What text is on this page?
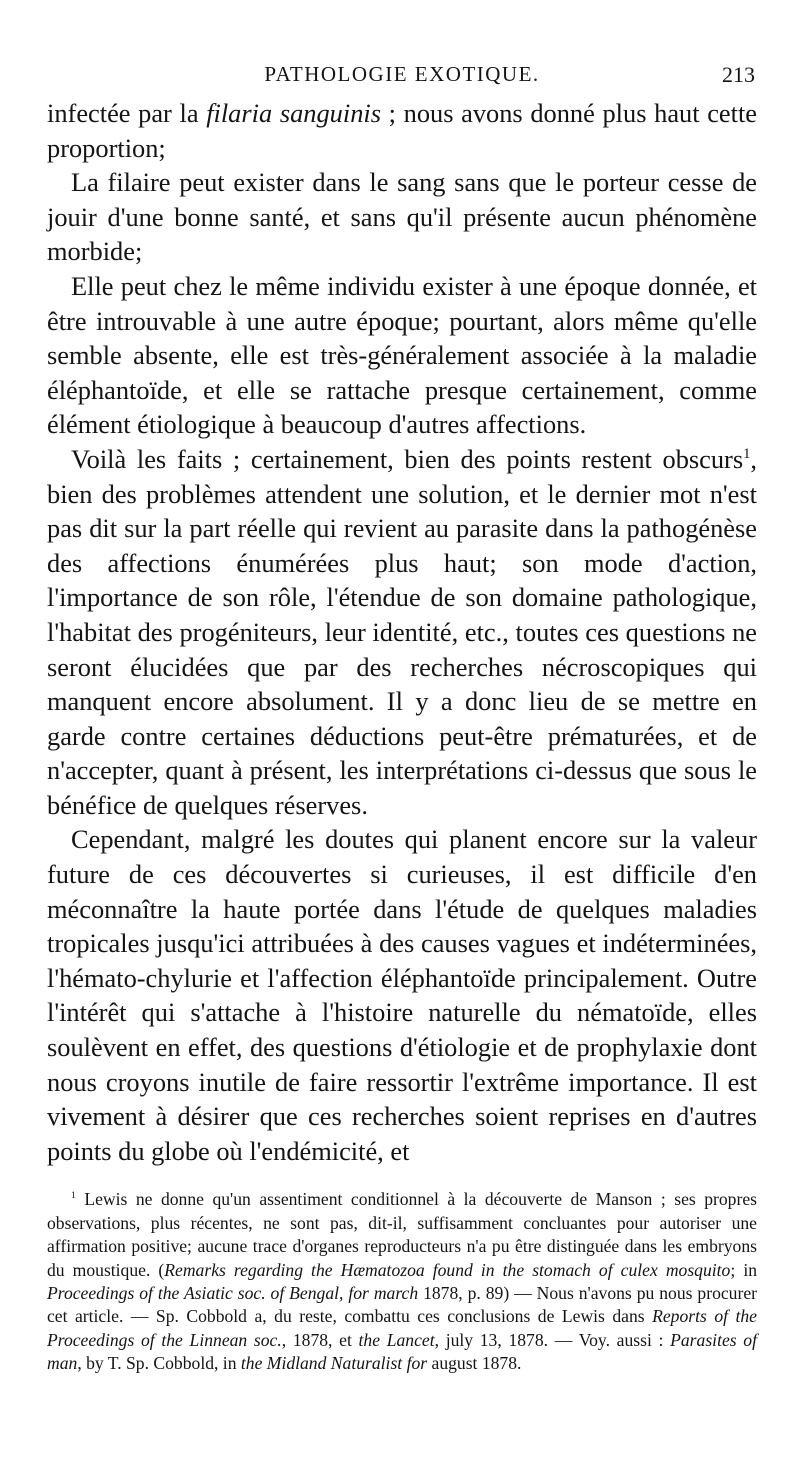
PATHOLOGIE EXOTIQUE.	213

infectée par la filaria sanguinis ; nous avons donné plus haut cette proportion;

La filaire peut exister dans le sang sans que le porteur cesse de jouir d'une bonne santé, et sans qu'il présente aucun phénomène morbide;

Elle peut chez le même individu exister à une époque donnée, et être introuvable à une autre époque; pourtant, alors même qu'elle semble absente, elle est très-généralement associée à la maladie éléphantoïde, et elle se rattache presque certainement, comme élément étiologique à beaucoup d'autres affections.

Voilà les faits ; certainement, bien des points restent obscurs$^1$, bien des problèmes attendent une solution, et le dernier mot n'est pas dit sur la part réelle qui revient au parasite dans la pathogénèse des affections énumérées plus haut; son mode d'action, l'importance de son rôle, l'étendue de son domaine pathologique, l'habitat des progéniteurs, leur identité, etc., toutes ces questions ne seront élucidées que par des recherches nécroscopiques qui manquent encore absolument. Il y a donc lieu de se mettre en garde contre certaines déductions peut-être prématurées, et de n'accepter, quant à présent, les interprétations ci-dessus que sous le bénéfice de quelques réserves.

Cependant, malgré les doutes qui planent encore sur la valeur future de ces découvertes si curieuses, il est difficile d'en méconnaître la haute portée dans l'étude de quelques maladies tropicales jusqu'ici attribuées à des causes vagues et indéterminées, l'hémato-chylurie et l'affection éléphantoïde principalement. Outre l'intérêt qui s'attache à l'histoire naturelle du nématoïde, elles soulèvent en effet, des questions d'étiologie et de prophylaxie dont nous croyons inutile de faire ressortir l'extrême importance. Il est vivement à désirer que ces recherches soient reprises en d'autres points du globe où l'endémicité, et

$^1$ Lewis ne donne qu'un assentiment conditionnel à la découverte de Manson ; ses propres observations, plus récentes, ne sont pas, dit-il, suffisamment concluantes pour autoriser une affirmation positive; aucune trace d'organes reproducteurs n'a pu être distinguée dans les embryons du moustique. (Remarks regarding the Hæmatozoa found in the stomach of culex mosquito; in Proceedings of the Asiatic soc. of Bengal, for march 1878, p. 89) — Nous n'avons pu nous procurer cet article. — Sp. Cobbold a, du reste, combattu ces conclusions de Lewis dans Reports of the Proceedings of the Linnean soc., 1878, et the Lancet, july 13, 1878. — Voy. aussi : Parasites of man, by T. Sp. Cobbold, in the Midland Naturalist for august 1878.
